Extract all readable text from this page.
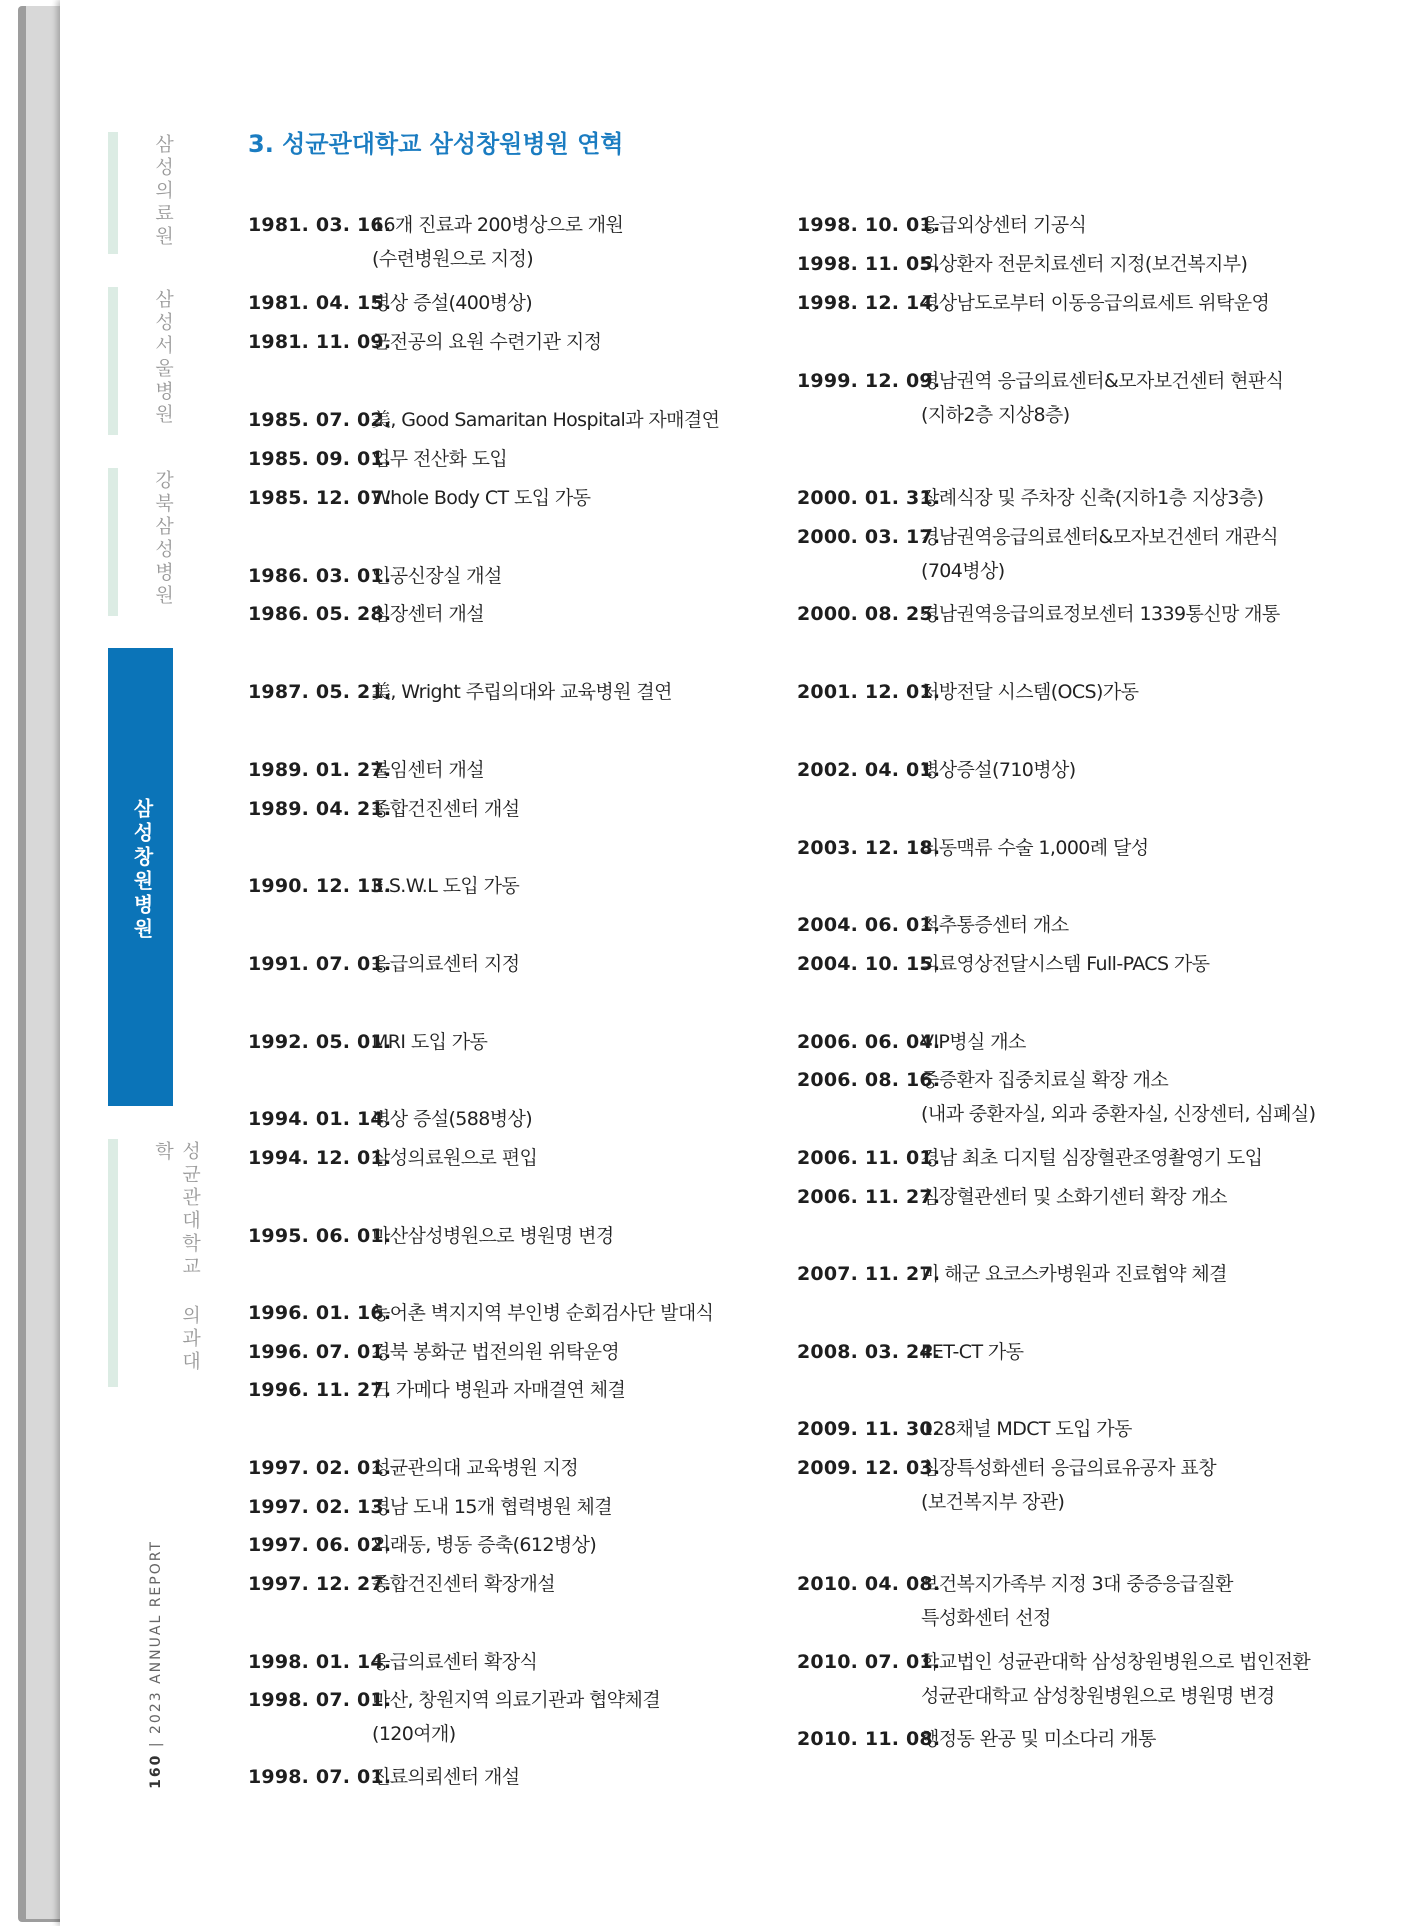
삼성의료원
삼성서울병원
강북삼성병원
삼성창원병원
성균관대학교 의과대학
160 | 2023 ANNUAL REPORT
3. 성균관대학교 삼성창원병원 연혁
1981. 03. 16.
16개 진료과 200병상으로 개원
(수련병원으로 지정)
1981. 04. 15.
병상 증설(400병상)
1981. 11. 09.
군전공의 요원 수련기관 지정
1985. 07. 02.
美, Good Samaritan Hospital과 자매결연
1985. 09. 01.
업무 전산화 도입
1985. 12. 07.
Whole Body CT 도입 가동
1986. 03. 01.
인공신장실 개설
1986. 05. 28.
심장센터 개설
1987. 05. 21.
美, Wright 주립의대와 교육병원 결연
1989. 01. 27.
불임센터 개설
1989. 04. 21.
종합건진센터 개설
1990. 12. 13.
E.S.W.L 도입 가동
1991. 07. 01.
응급의료센터 지정
1992. 05. 01.
MRI 도입 가동
1994. 01. 14.
병상 증설(588병상)
1994. 12. 01.
삼성의료원으로 편입
1995. 06. 01.
마산삼성병원으로 병원명 변경
1996. 01. 16.
농어촌 벽지지역 부인병 순회검사단 발대식
1996. 07. 01.
경북 봉화군 법전의원 위탁운영
1996. 11. 27.
日 가메다 병원과 자매결연 체결
1997. 02. 01.
성균관의대 교육병원 지정
1997. 02. 13.
경남 도내 15개 협력병원 체결
1997. 06. 02.
외래동, 병동 증축(612병상)
1997. 12. 27.
종합건진센터 확장개설
1998. 01. 14.
응급의료센터 확장식
1998. 07. 01.
마산, 창원지역 의료기관과 협약체결
(120여개)
1998. 07. 01.
진료의뢰센터 개설
1998. 10. 01.
응급외상센터 기공식
1998. 11. 05.
외상환자 전문치료센터 지정(보건복지부)
1998. 12. 14.
경상남도로부터 이동응급의료세트 위탁운영
1999. 12. 09.
경남권역 응급의료센터&모자보건센터 현판식
(지하2층 지상8층)
2000. 01. 31.
장례식장 및 주차장 신축(지하1층 지상3층)
2000. 03. 17.
경남권역응급의료센터&모자보건센터 개관식
(704병상)
2000. 08. 25.
경남권역응급의료정보센터 1339통신망 개통
2001. 12. 01.
처방전달 시스템(OCS)가동
2002. 04. 01.
병상증설(710병상)
2003. 12. 18.
뇌동맥류 수술 1,000례 달성
2004. 06. 01.
척추통증센터 개소
2004. 10. 15.
의료영상전달시스템 Full-PACS 가동
2006. 06. 04.
VIP병실 개소
2006. 08. 16.
중증환자 집중치료실 확장 개소
(내과 중환자실, 외과 중환자실, 신장센터, 심폐실)
2006. 11. 01.
경남 최초 디지털 심장혈관조영촬영기 도입
2006. 11. 27.
심장혈관센터 및 소화기센터 확장 개소
2007. 11. 27.
미 해군 요코스카병원과 진료협약 체결
2008. 03. 24.
PET-CT 가동
2009. 11. 30.
128채널 MDCT 도입 가동
2009. 12. 03.
심장특성화센터 응급의료유공자 표창
(보건복지부 장관)
2010. 04. 08.
보건복지가족부 지정 3대 중증응급질환
특성화센터 선정
2010. 07. 01.
학교법인 성균관대학 삼성창원병원으로 법인전환
성균관대학교 삼성창원병원으로 병원명 변경
2010. 11. 08.
행정동 완공 및 미소다리 개통
